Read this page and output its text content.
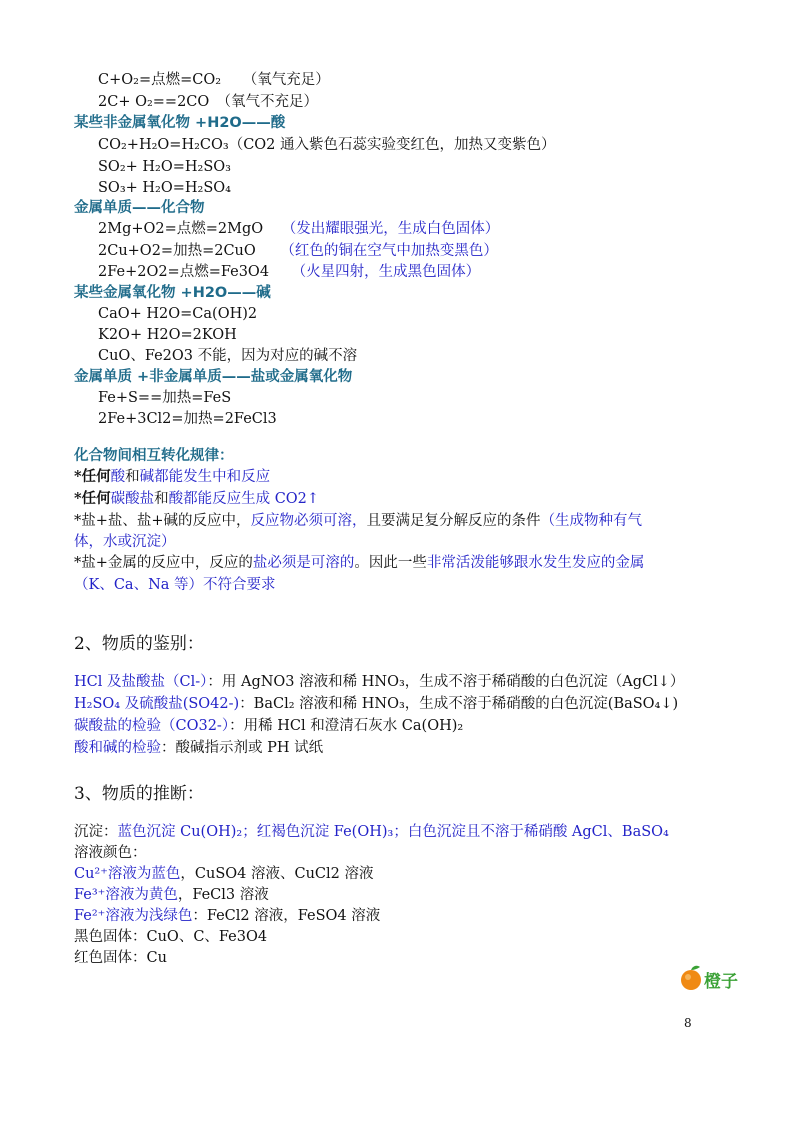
C+O₂=点燃=CO₂　　（氧气充足）
2C+ O₂==2CO　（氧气不充足）
某些非金属氧化物 +H2O——酸
CO₂+H₂O=H₂CO₃（CO2 通入紫色石蕊实验变红色，加热又变紫色）
SO₂+ H₂O=H₂SO₃
SO₃+ H₂O=H₂SO₄
金属单质——化合物
2Mg+O2=点燃=2MgO （发出耀眼强光，生成白色固体）
2Cu+O2=加热=2CuO （红色的铜在空气中加热变黑色）
2Fe+2O2=点燃=Fe3O4 （火星四射，生成黑色固体）
某些金属氧化物 +H2O——碱
CaO+ H2O=Ca(OH)2
K2O+ H2O=2KOH
CuO、Fe2O3 不能，因为对应的碱不溶
金属单质 +非金属单质——盐或金属氧化物
Fe+S==加热=FeS
2Fe+3Cl2=加热=2FeCl3
化合物间相互转化规律：
*任何酸和碱都能发生中和反应
*任何碳酸盐和酸都能反应生成 CO2↑
*盐+盐、盐+碱的反应中，反应物必须可溶，且要满足复分解反应的条件（生成物种有气
体，水或沉淀）
*盐+金属的反应中，反应的盐必须是可溶的。因此一些非常活泼能够跟水发生发应的金属
（K、Ca、Na 等）不符合要求
2、物质的鉴别：
HCl 及盐酸盐（Cl-）：用 AgNO3 溶液和稀 HNO₃，生成不溶于稀硝酸的白色沉淀（AgCl↓）
H₂SO₄ 及硫酸盐(SO42-)：BaCl₂ 溶液和稀 HNO₃，生成不溶于稀硝酸的白色沉淀(BaSO₄↓)
碳酸盐的检验（CO32-）：用稀 HCl 和澄清石灰水 Ca(OH)₂
酸和碱的检验：酸碱指示剂或 PH 试纸
3、物质的推断：
沉淀：蓝色沉淀 Cu(OH)₂；红褐色沉淀 Fe(OH)₃；白色沉淀且不溶于稀硝酸 AgCl、BaSO₄
溶液颜色：
Cu²⁺溶液为蓝色，CuSO4 溶液、CuCl2 溶液
Fe³⁺溶液为黄色，FeCl3 溶液
Fe²⁺溶液为浅绿色：FeCl2 溶液，FeSO4 溶液
黑色固体：CuO、C、Fe3O4
红色固体：Cu
橙子
8
